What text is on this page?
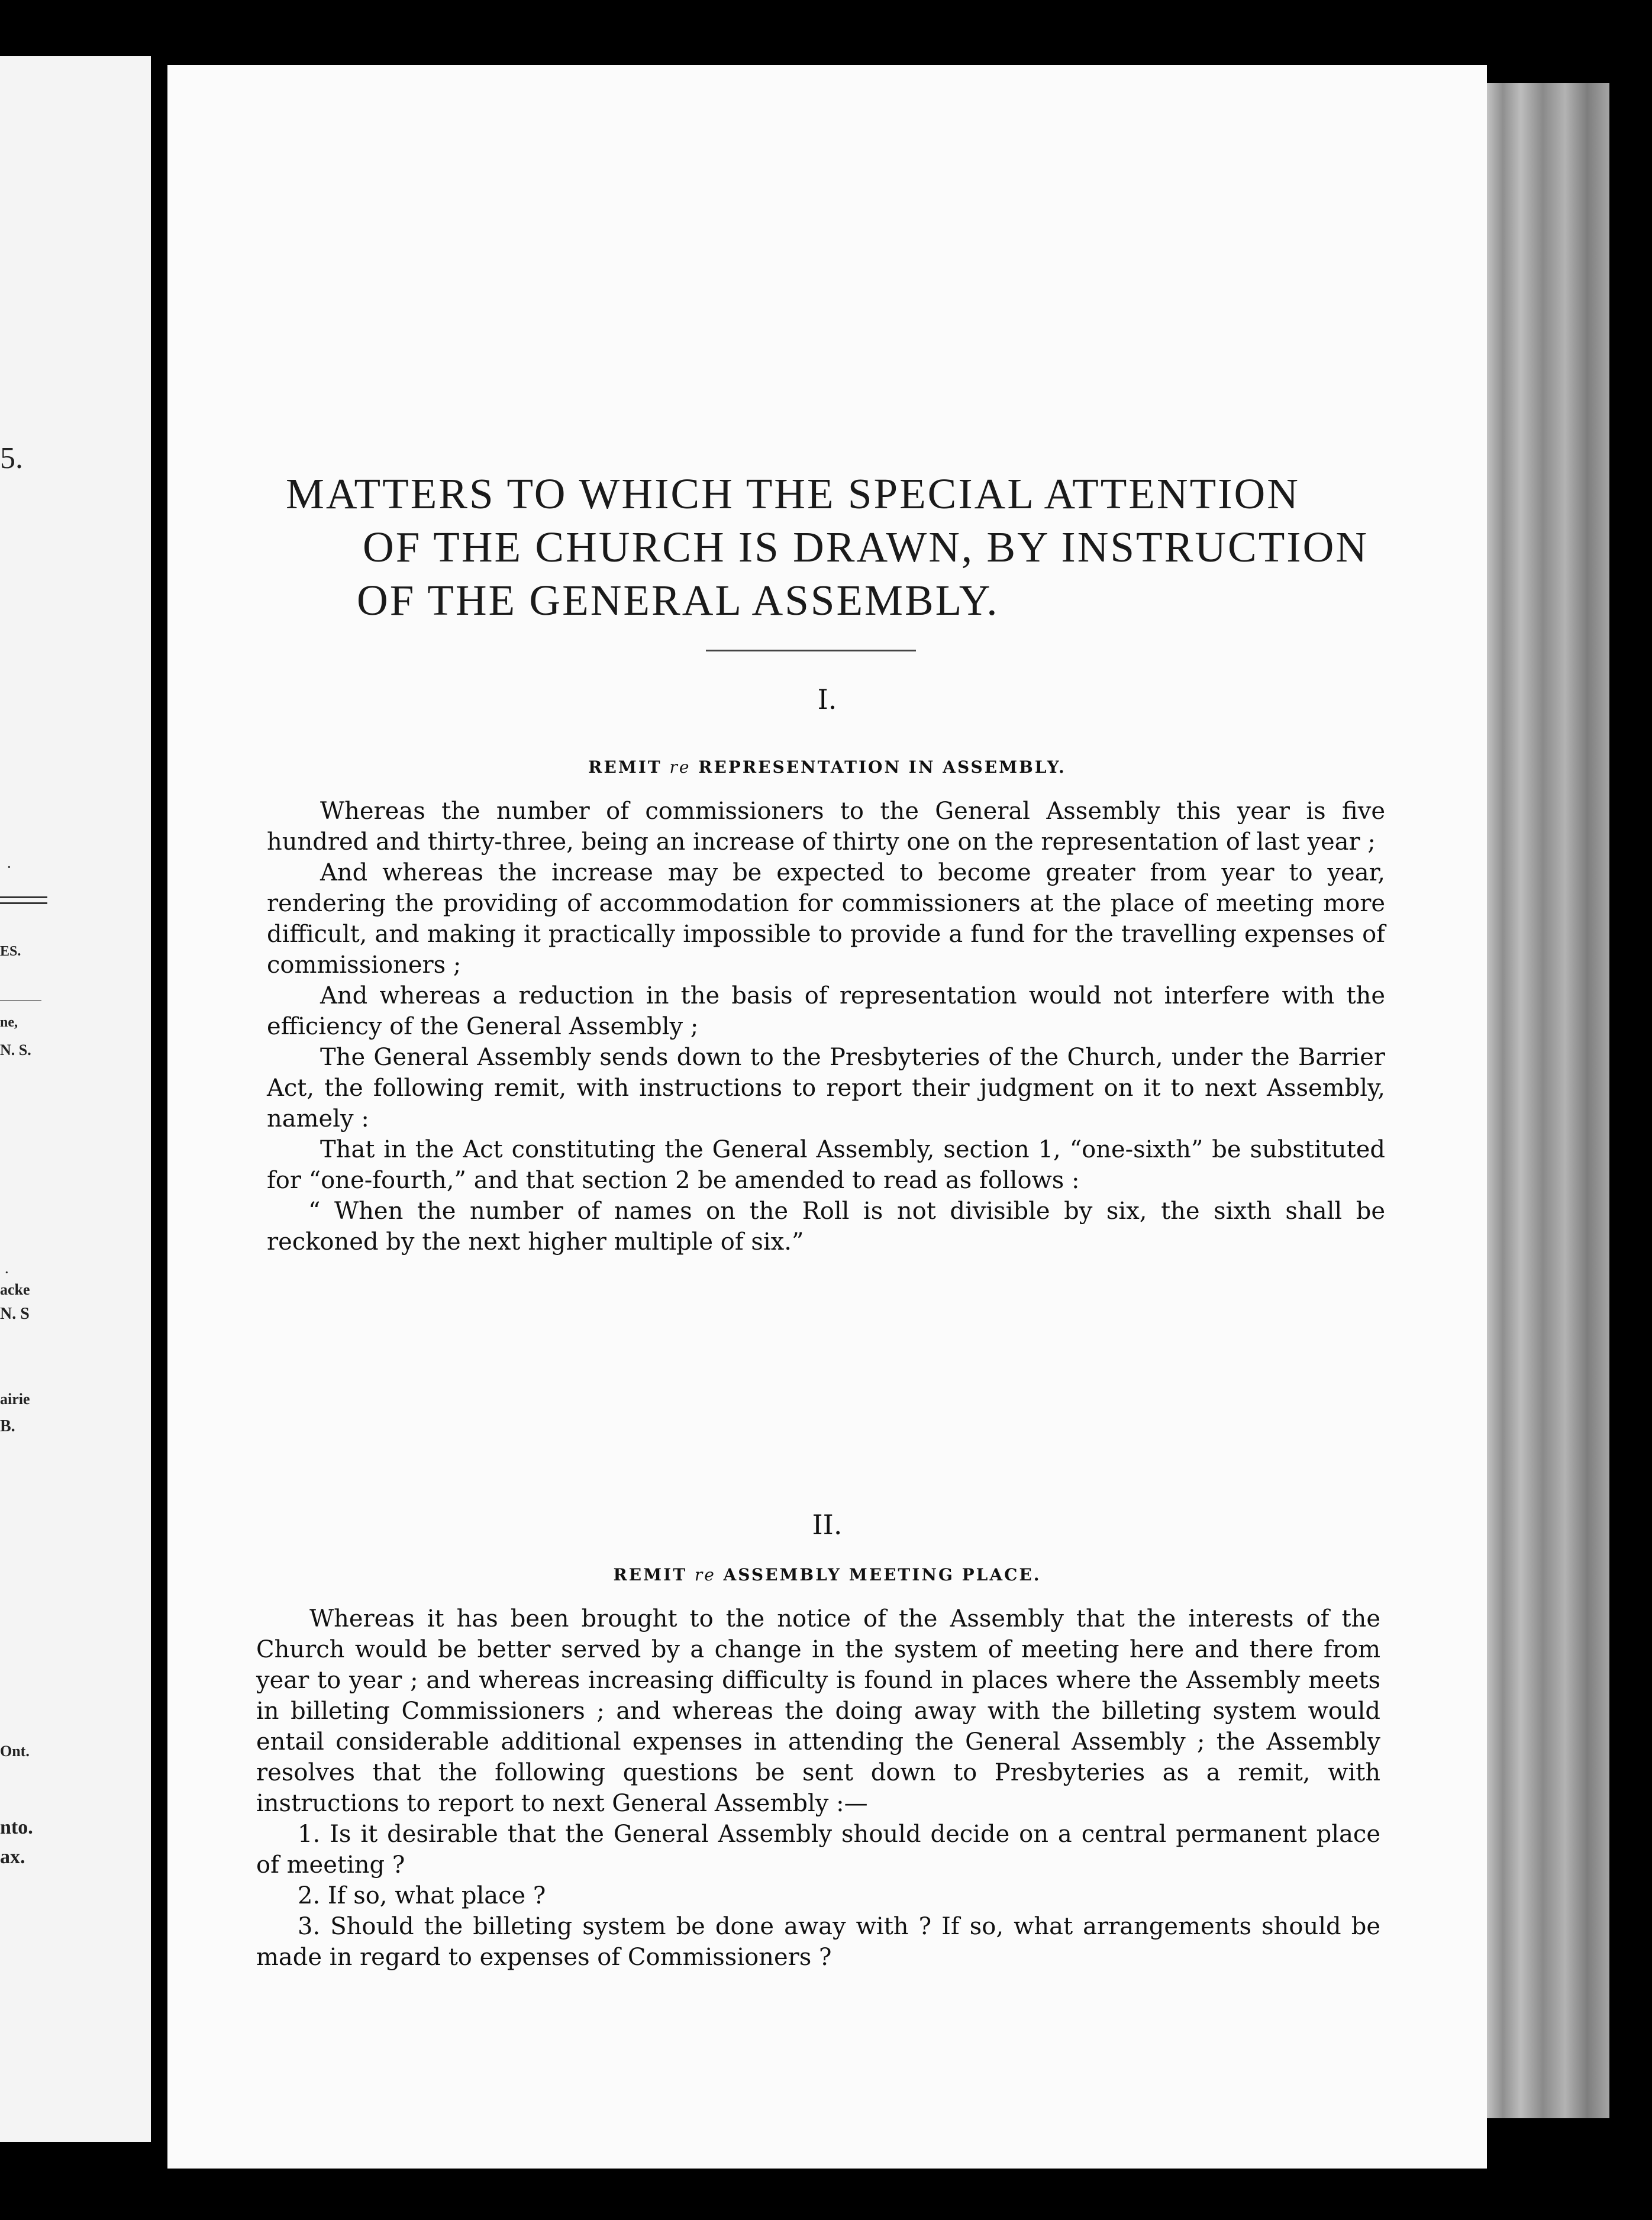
5.
·
ES.
ne,
N. S.
·
acke
N. S
airie
B.
Ont.
nto.
ax.
MATTERS TO WHICH THE SPECIAL ATTENTION
OF THE CHURCH IS DRAWN, BY INSTRUCTION
OF THE GENERAL ASSEMBLY.
I.
REMIT re REPRESENTATION IN ASSEMBLY.

Whereas the number of commissioners to the General Assembly this year is five hundred and thirty-three, being an increase of thirty one on the representation of last year ;

And whereas the increase may be expected to become greater from year to year, rendering the providing of accommodation for commissioners at the place of meeting more difficult, and making it practically impossible to provide a fund for the travelling expenses of commissioners ;

And whereas a reduction in the basis of representation would not interfere with the efficiency of the General Assembly ;

The General Assembly sends down to the Presbyteries of the Church, under the Barrier Act, the following remit, with instructions to report their judgment on it to next Assembly, namely :

That in the Act constituting the General Assembly, section 1, “one-sixth” be substituted for “one-fourth,” and that section 2 be amended to read as follows :

“ When the number of names on the Roll is not divisible by six, the sixth shall be reckoned by the next higher multiple of six.”

II.
REMIT re ASSEMBLY MEETING PLACE.

Whereas it has been brought to the notice of the Assembly that the interests of the Church would be better served by a change in the system of meeting here and there from year to year ; and whereas increasing difficulty is found in places where the Assembly meets in billeting Commissioners ; and whereas the doing away with the billeting system would entail considerable additional expenses in attending the General Assembly ; the Assembly resolves that the following questions be sent down to Presbyteries as a remit, with instructions to report to next General Assembly :—

1. Is it desirable that the General Assembly should decide on a central permanent place of meeting ?

2. If so, what place ?

3. Should the billeting system be done away with ? If so, what arrangements should be made in regard to expenses of Commissioners ?
